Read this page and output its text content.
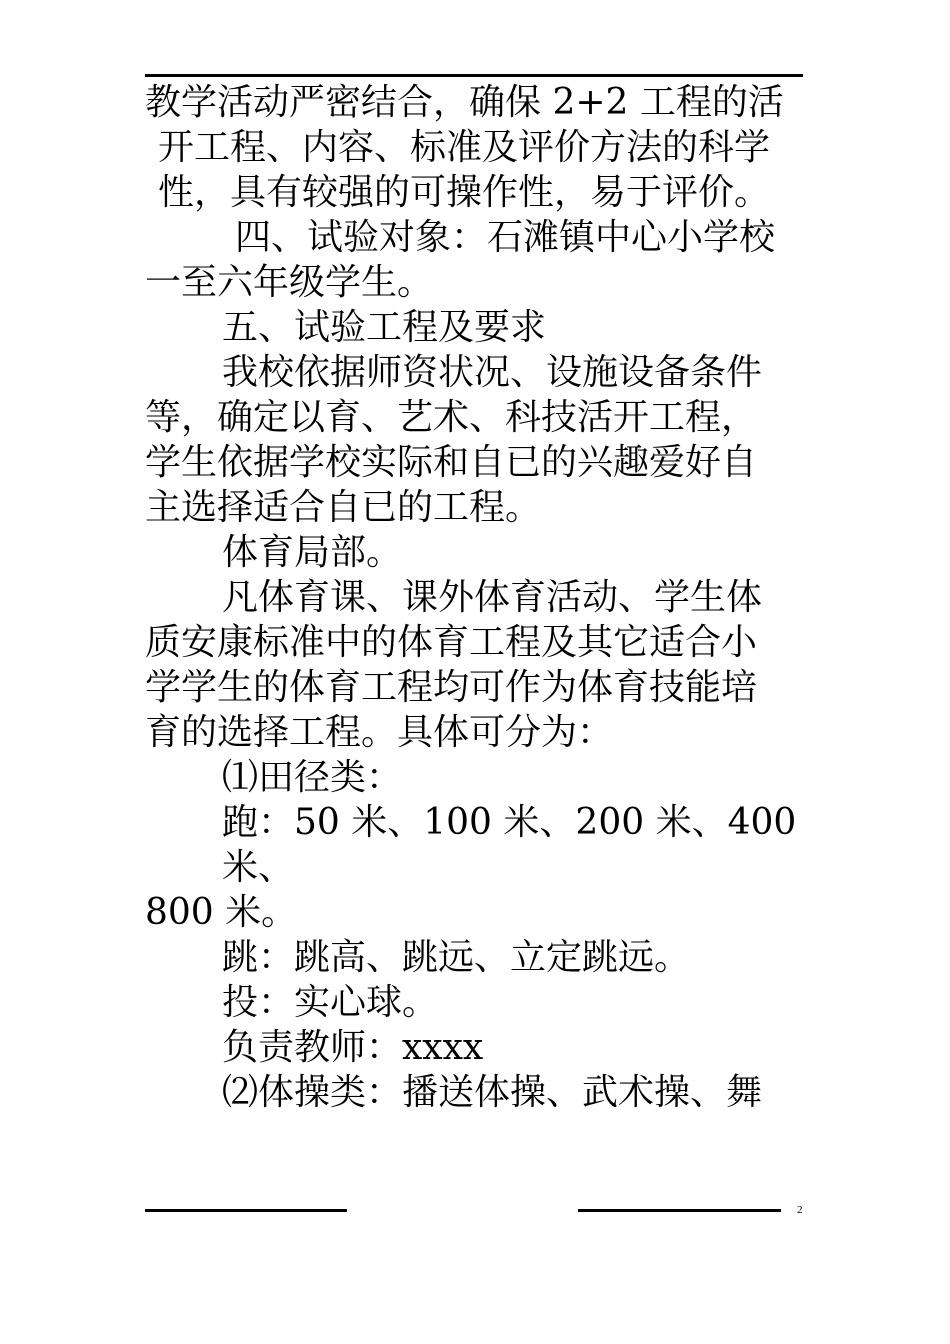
教学活动严密结合，确保 2+2 工程的活
开工程、内容、标准及评价方法的科学
性，具有较强的可操作性，易于评价。
四、试验对象：石滩镇中心小学校
一至六年级学生。
五、试验工程及要求
我校依据师资状况、设施设备条件
等，确定以育、艺术、科技活开工程，
学生依据学校实际和自已的兴趣爱好自
主选择适合自已的工程。
体育局部。
凡体育课、课外体育活动、学生体
质安康标准中的体育工程及其它适合小
学学生的体育工程均可作为体育技能培
育的选择工程。具体可分为：
⑴田径类：
跑：50 米、100 米、200 米、400
米、
800 米。
跳：跳高、跳远、立定跳远。
投：实心球。
负责教师：xxxx
⑵体操类：播送体操、武术操、舞
2
